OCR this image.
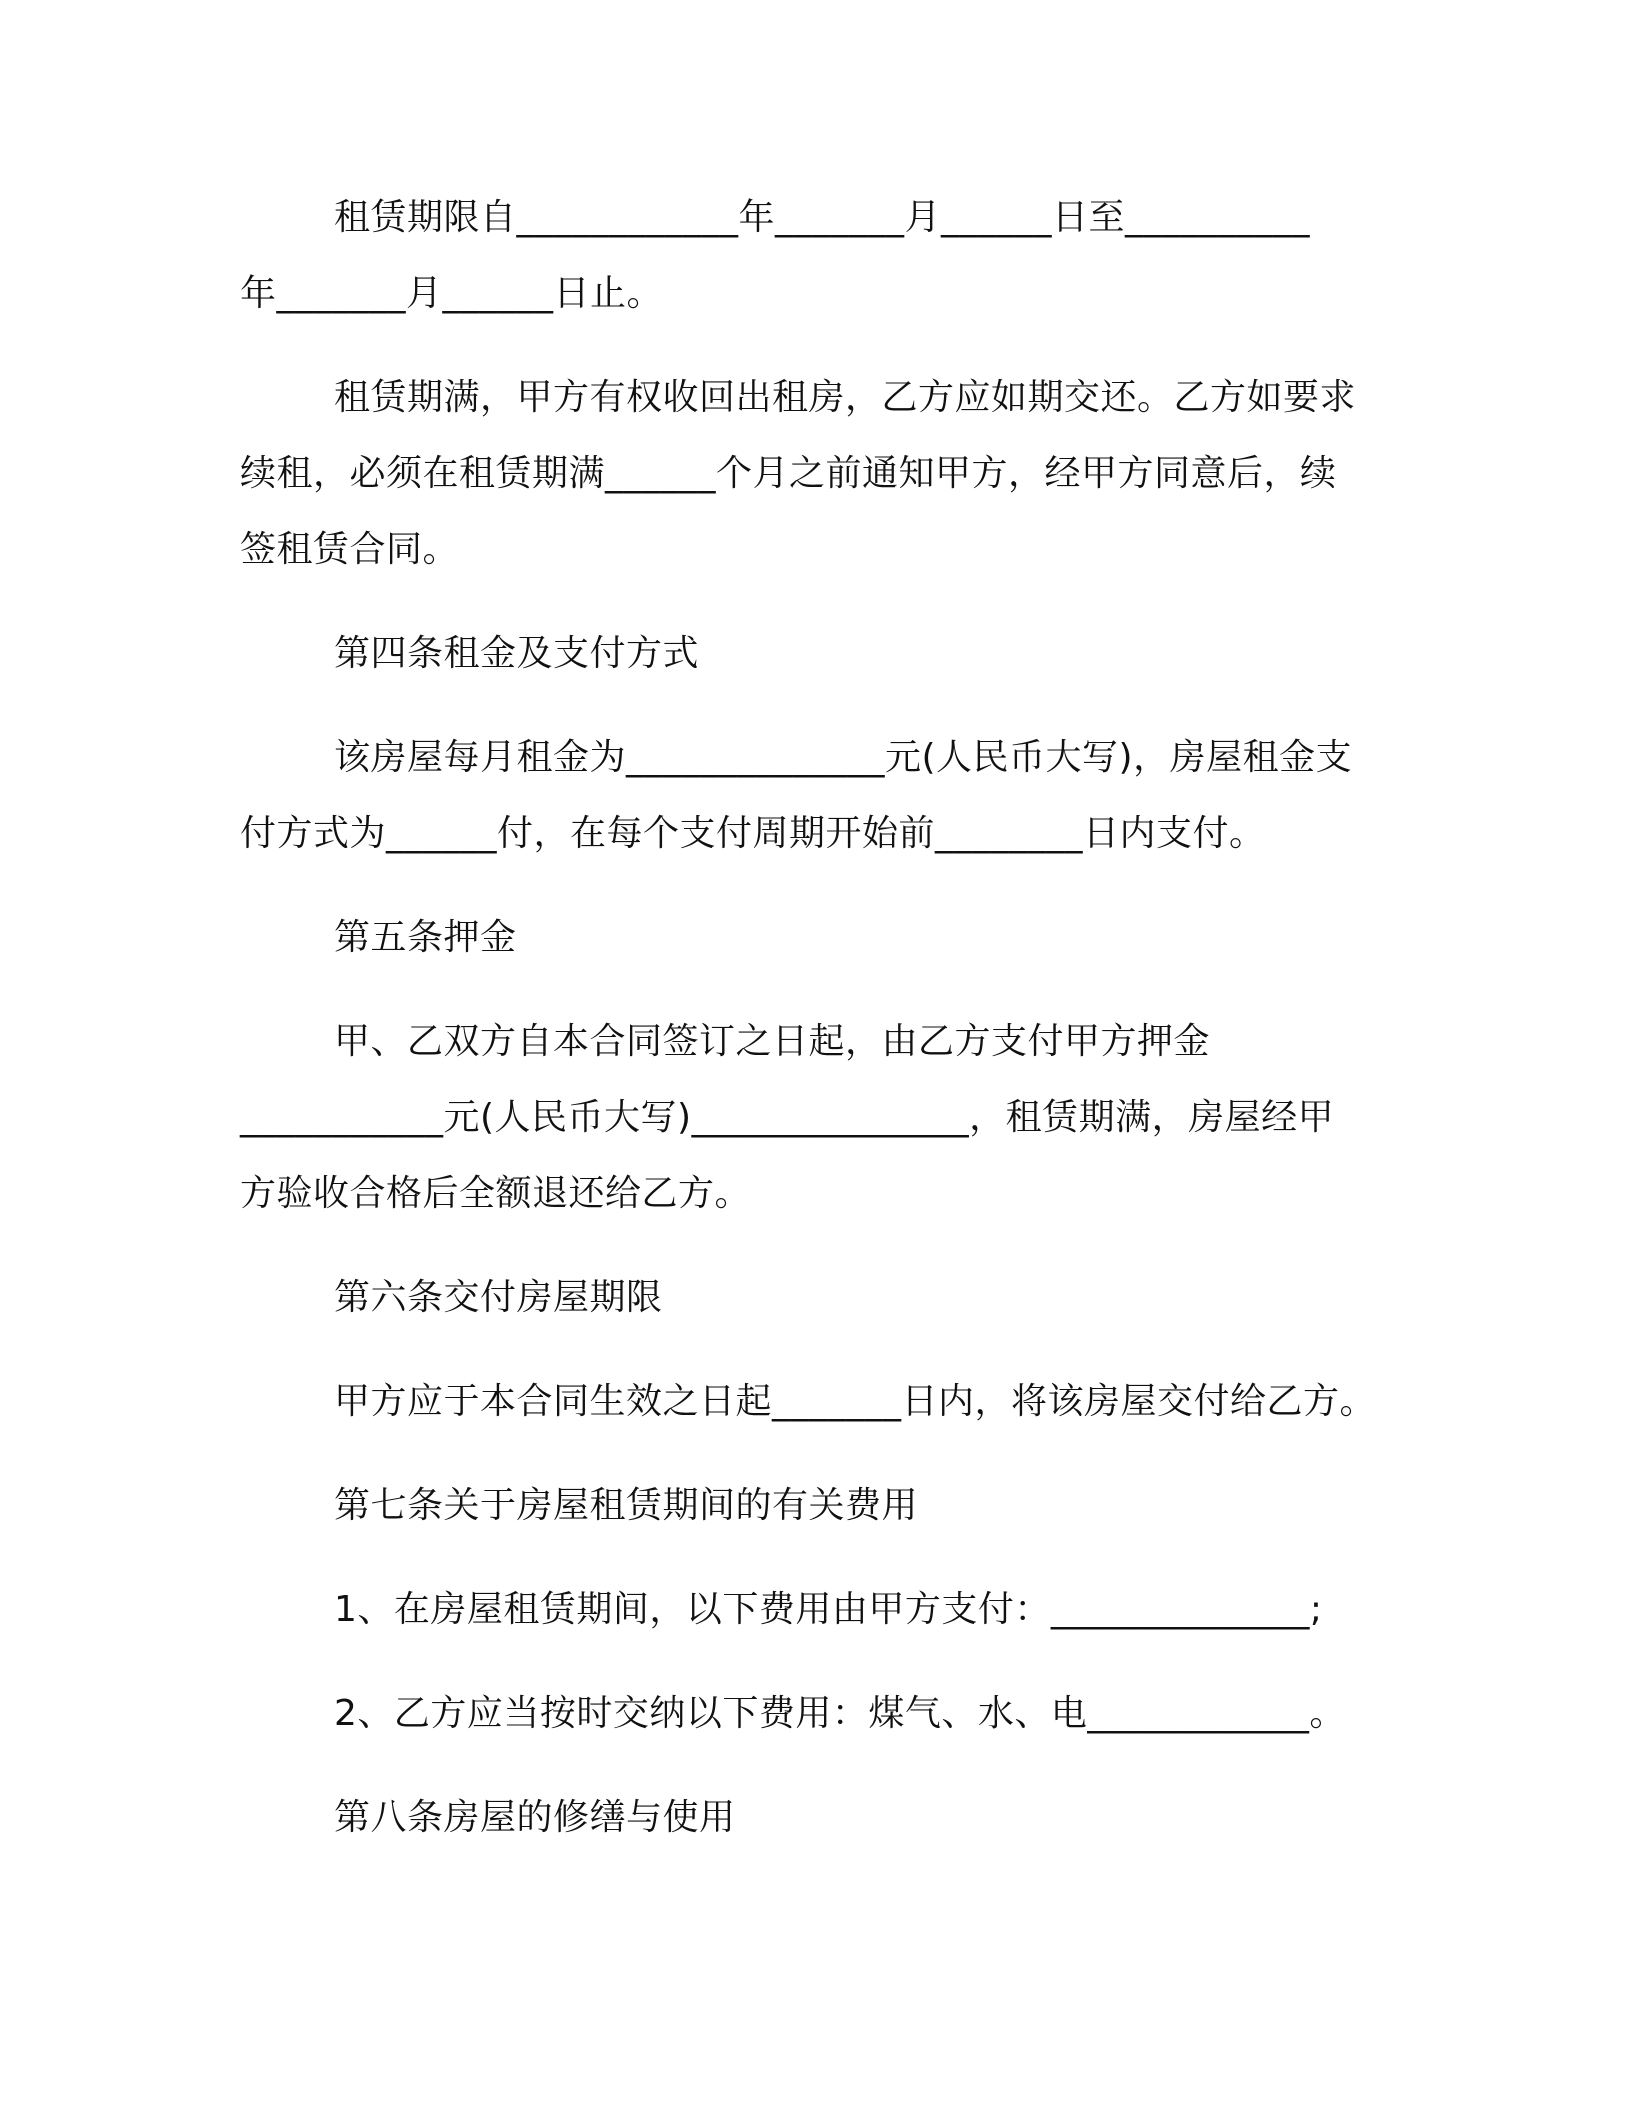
租赁期限自____________年_______月______日至__________
年_______月______日止。
租赁期满，甲方有权收回出租房，乙方应如期交还。乙方如要求
续租，必须在租赁期满______个月之前通知甲方，经甲方同意后，续
签租赁合同。
第四条租金及支付方式
该房屋每月租金为______________元(人民币大写)，房屋租金支
付方式为______付，在每个支付周期开始前________日内支付。
第五条押金
甲、乙双方自本合同签订之日起，由乙方支付甲方押金
___________元(人民币大写)_______________，租赁期满，房屋经甲
方验收合格后全额退还给乙方。
第六条交付房屋期限
甲方应于本合同生效之日起_______日内，将该房屋交付给乙方。
第七条关于房屋租赁期间的有关费用
1、在房屋租赁期间，以下费用由甲方支付：______________;
2、乙方应当按时交纳以下费用：煤气、水、电____________。
第八条房屋的修缮与使用
